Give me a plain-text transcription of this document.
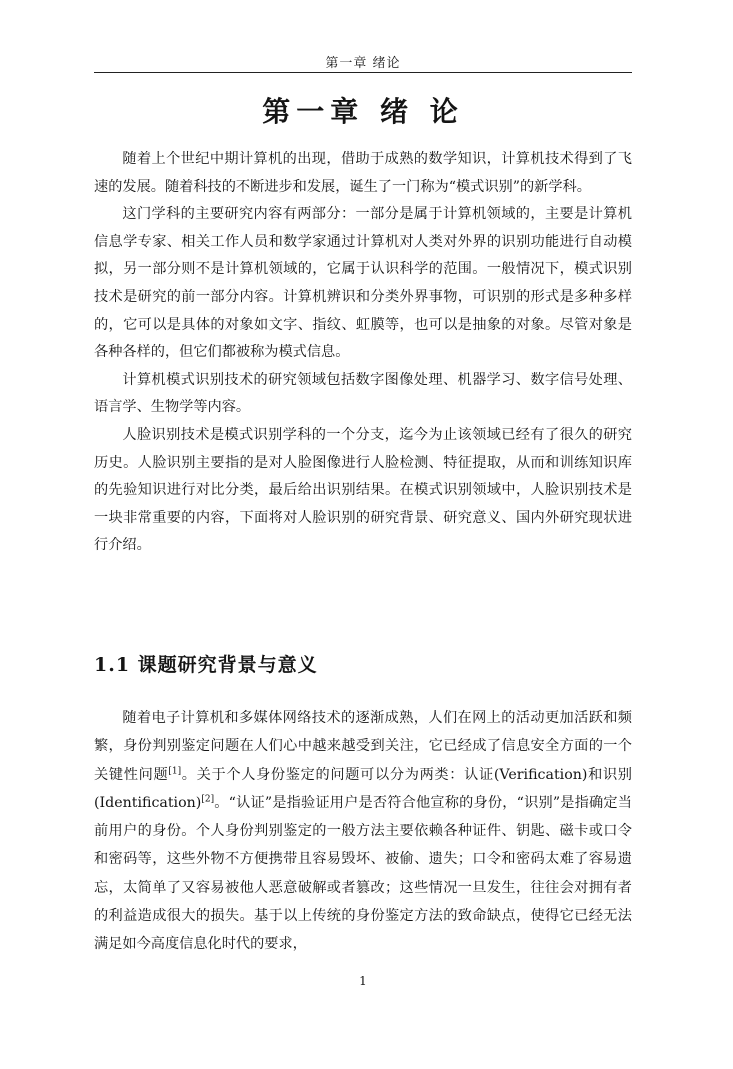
第一章 绪论
第一章 绪 论

随着上个世纪中期计算机的出现，借助于成熟的数学知识，计算机技术得到了飞速的发展。随着科技的不断进步和发展，诞生了一门称为“模式识别”的新学科。

这门学科的主要研究内容有两部分：一部分是属于计算机领域的，主要是计算机信息学专家、相关工作人员和数学家通过计算机对人类对外界的识别功能进行自动模拟，另一部分则不是计算机领域的，它属于认识科学的范围。一般情况下，模式识别技术是研究的前一部分内容。计算机辨识和分类外界事物，可识别的形式是多种多样的，它可以是具体的对象如文字、指纹、虹膜等，也可以是抽象的对象。尽管对象是各种各样的，但它们都被称为模式信息。

计算机模式识别技术的研究领域包括数字图像处理、机器学习、数字信号处理、语言学、生物学等内容。

人脸识别技术是模式识别学科的一个分支，迄今为止该领域已经有了很久的研究历史。人脸识别主要指的是对人脸图像进行人脸检测、特征提取，从而和训练知识库的先验知识进行对比分类，最后给出识别结果。在模式识别领域中，人脸识别技术是一块非常重要的内容，下面将对人脸识别的研究背景、研究意义、国内外研究现状进行介绍。

1.1 课题研究背景与意义

随着电子计算机和多媒体网络技术的逐渐成熟，人们在网上的活动更加活跃和频繁，身份判别鉴定问题在人们心中越来越受到关注，它已经成了信息安全方面的一个关键性问题[1]。关于个人身份鉴定的问题可以分为两类：认证(Verification)和识别(Identification)[2]。“认证”是指验证用户是否符合他宣称的身份，“识别”是指确定当前用户的身份。个人身份判别鉴定的一般方法主要依赖各种证件、钥匙、磁卡或口令和密码等，这些外物不方便携带且容易毁坏、被偷、遗失；口令和密码太难了容易遗忘，太简单了又容易被他人恶意破解或者篡改；这些情况一旦发生，往往会对拥有者的利益造成很大的损失。基于以上传统的身份鉴定方法的致命缺点，使得它已经无法满足如今高度信息化时代的要求，

1
